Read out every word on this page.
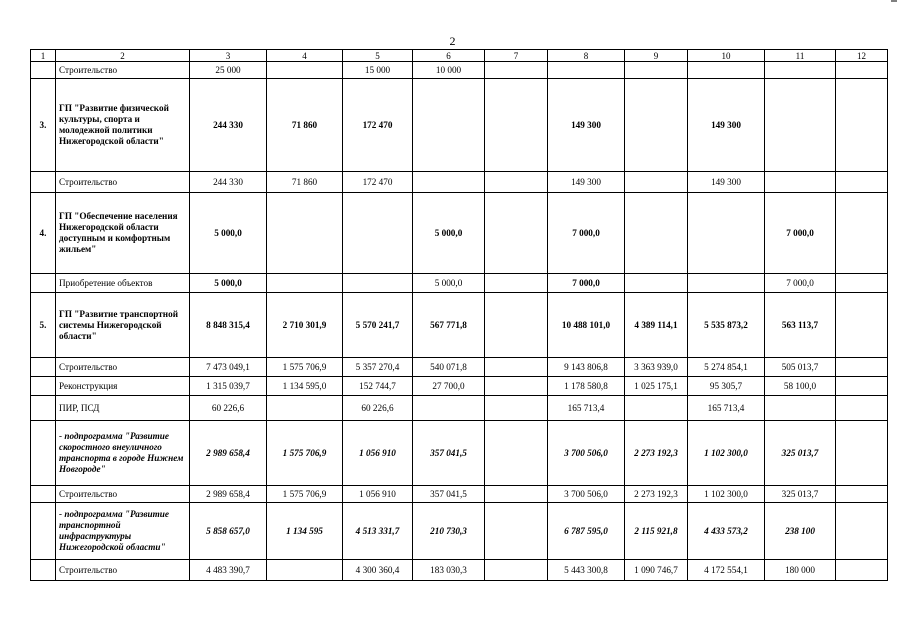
2
1	2	3	4	5	6	7	8	9	10	11	12
	Строительство	25 000		15 000	10 000						
3.	ГП "Развитие физической культуры, спорта и молодежной политики Нижегородской области"	244 330	71 860	172 470			149 300		149 300		
	Строительство	244 330	71 860	172 470			149 300		149 300		
4.	ГП "Обеспечение населения Нижегородской области доступным и комфортным жильем"	5 000,0			5 000,0		7 000,0			7 000,0	
	Приобретение объектов	5 000,0			5 000,0		7 000,0			7 000,0	
5.	ГП "Развитие транспортной системы Нижегородской области"	8 848 315,4	2 710 301,9	5 570 241,7	567 771,8		10 488 101,0	4 389 114,1	5 535 873,2	563 113,7	
	Строительство	7 473 049,1	1 575 706,9	5 357 270,4	540 071,8		9 143 806,8	3 363 939,0	5 274 854,1	505 013,7	
	Реконструкция	1 315 039,7	1 134 595,0	152 744,7	27 700,0		1 178 580,8	1 025 175,1	95 305,7	58 100,0	
	ПИР, ПСД	60 226,6		60 226,6			165 713,4		165 713,4		
	- подпрограмма "Развитие скоростного внеуличного транспорта в городе Нижнем Новгороде"	2 989 658,4	1 575 706,9	1 056 910	357 041,5		3 700 506,0	2 273 192,3	1 102 300,0	325 013,7	
	Строительство	2 989 658,4	1 575 706,9	1 056 910	357 041,5		3 700 506,0	2 273 192,3	1 102 300,0	325 013,7	
	- подпрограмма "Развитие транспортной инфраструктуры Нижегородской области"	5 858 657,0	1 134 595	4 513 331,7	210 730,3		6 787 595,0	2 115 921,8	4 433 573,2	238 100	
	Строительство	4 483 390,7		4 300 360,4	183 030,3		5 443 300,8	1 090 746,7	4 172 554,1	180 000	
